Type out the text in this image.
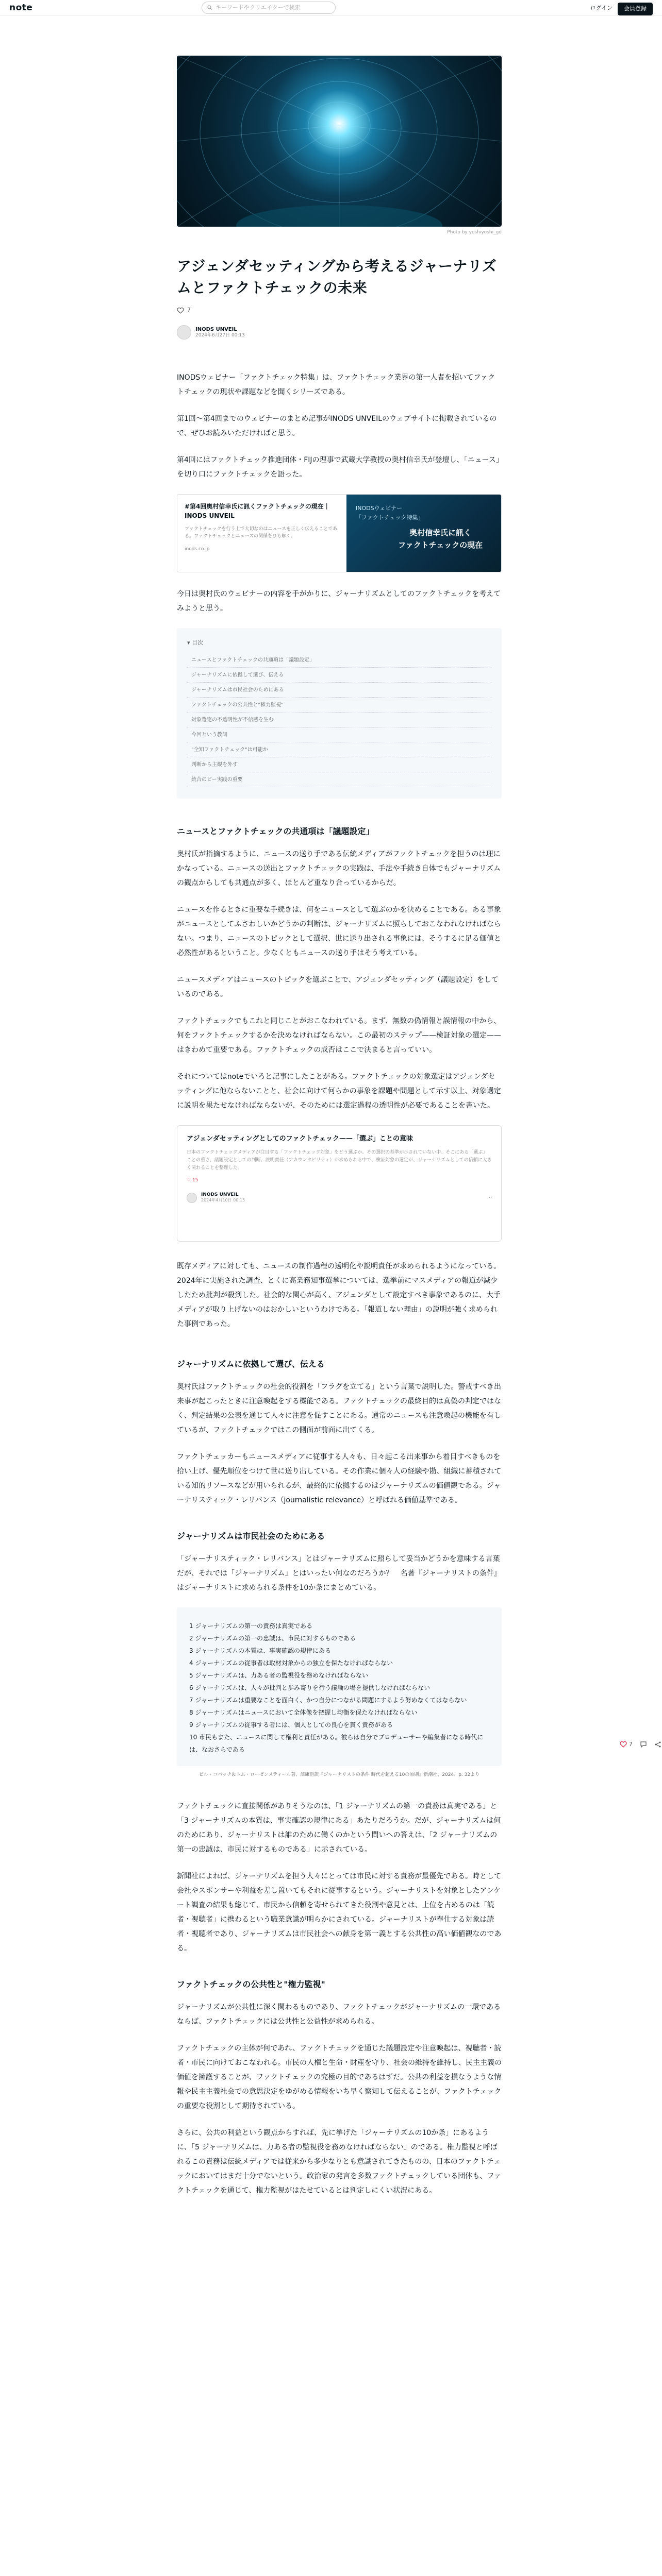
note	キーワードやクリエイターで検索	ログイン	会員登録
Photo by yoshiyoshi_gd
アジェンダセッティングから考えるジャーナリズムとファクトチェックの未来
7
INODS UNVEIL
2024年6月27日 00:13

INODSウェビナー「ファクトチェック特集」は、ファクトチェック業界の第一人者を招いてファクトチェックの現状や課題などを聞くシリーズである。

第1回〜第4回までのウェビナーのまとめ記事がINODS UNVEILのウェブサイトに掲載されているので、ぜひお読みいただければと思う。

第4回にはファクトチェック推進団体・FIJの理事で武蔵大学教授の奥村信幸氏が登壇し、「ニュース」を切り口にファクトチェックを語った。

#第4回奥村信幸氏に訊くファクトチェックの現在｜INODS UNVEIL
ファクトチェックを行う上で大切なのはニュースを正しく伝えることである。ファクトチェックとニュースの関係をひも解く。
inods.co.jp
INODSウェビナー
「ファクトチェック特集」
奥村信幸氏に訊く
ファクトチェックの現在

今日は奥村氏のウェビナーの内容を手がかりに、ジャーナリズムとしてのファクトチェックを考えてみようと思う。

▾ 目次
ニュースとファクトチェックの共通項は「議題設定」
ジャーナリズムに依拠して選び、伝える
ジャーナリズムは市民社会のためにある
ファクトチェックの公共性と"権力監視"
対象選定の不透明性が不信感を生む
今回という教訓
"全知ファクトチェック"は可能か
判断から主観を外す
統合のビー実践の重要
ニュースとファクトチェックの共通項は「議題設定」

奥村氏が指摘するように、ニュースの送り手である伝統メディアがファクトチェックを担うのは理にかなっている。ニュースの送出とファクトチェックの実践は、手法や手続き自体でもジャーナリズムの観点からしても共通点が多く、ほとんど重なり合っているからだ。

ニュースを作るときに重要な手続きは、何をニュースとして選ぶのかを決めることである。ある事象がニュースとしてふさわしいかどうかの判断は、ジャーナリズムに照らしておこなわれなければならない。つまり、ニュースのトピックとして選択、世に送り出される事象には、そうするに足る価値と必然性があるということ。少なくともニュースの送り手はそう考えている。

ニュースメディアはニュースのトピックを選ぶことで、アジェンダセッティング（議題設定）をしているのである。

ファクトチェックでもこれと同じことがおこなわれている。まず、無数の偽情報と誤情報の中から、何をファクトチェックするかを決めなければならない。この最初のステップ——検証対象の選定——はきわめて重要である。ファクトチェックの成否はここで決まると言っていい。

それについてはnoteでいろと記事にしたことがある。ファクトチェックの対象選定はアジェンダセッティングに他ならないことと、社会に向けて何らかの事象を課題や問題として示す以上、対象選定に説明を果たせなければならないが、そのためには選定過程の透明性が必要であることを書いた。

アジェンダセッティングとしてのファクトチェック——「選ぶ」ことの意味
日本のファクトチェックメディアが注目する「ファクトチェック対象」をどう選ぶか。その選択の基準が示されていない中、そこにある「選ぶ」ことの重さ、議題設定としての判断、説明責任（アカウンタビリティ）が求められる中で、検証対象の選定が、ジャーナリズムとしての信頼に大きく関わることを整理した。
♡ 15
INODS UNVEIL
2024年4月10日 00:15
…

既存メディアに対しても、ニュースの制作過程の透明化や説明責任が求められるようになっている。2024年に実施された調査、とくに高業務知事選挙については、選挙前にマスメディアの報道が減少したため批判が殺到した。社会的な関心が高く、アジェンダとして設定すべき事象であるのに、大手メディアが取り上げないのはおかしいというわけである。「報道しない理由」の説明が強く求められた事例であった。

ジャーナリズムに依拠して選び、伝える

奥村氏はファクトチェックの社会的役割を「フラグを立てる」という言葉で説明した。警戒すべき出来事が起こったときに注意喚起をする機能である。ファクトチェックの最終目的は真偽の判定ではなく、判定結果の公表を通じて人々に注意を促すことにある。通常のニュースも注意喚起の機能を有しているが、ファクトチェックではこの側面が前面に出てくる。

ファクトチェッカーもニュースメディアに従事する人々も、日々起こる出来事から着目すべきものを拾い上げ、優先順位をつけて世に送り出している。その作業に個々人の経験や勘、組織に蓄積されている知的リソースなどが用いられるが、最終的に依拠するのはジャーナリズムの価値観である。ジャーナリスティック・レリバンス（journalistic relevance）と呼ばれる価値基準である。

ジャーナリズムは市民社会のためにある

「ジャーナリスティック・レリバンス」とはジャーナリズムに照らして妥当かどうかを意味する言葉だが、それでは「ジャーナリズム」とはいったい何なのだろうか？　名著『ジャーナリストの条件』はジャーナリストに求められる条件を10か条にまとめている。

1 ジャーナリズムの第一の責務は真実である
2 ジャーナリズムの第一の忠誠は、市民に対するものである
3 ジャーナリズムの本質は、事実確認の規律にある
4 ジャーナリズムの従事者は取材対象からの独立を保たなければならない
5 ジャーナリズムは、力ある者の監視役を務めなければならない
6 ジャーナリズムは、人々が批判と歩み寄りを行う議論の場を提供しなければならない
7 ジャーナリズムは重要なことを面白く、かつ自分につながる問題にするよう努めなくてはならない
8 ジャーナリズムはニュースにおいて全体像を把握し均衡を保たなければならない
9 ジャーナリズムの従事する者には、個人としての良心を貫く責務がある
10 市民もまた、ニュースに関して権利と責任がある。彼らは自分でプロデューサーや編集者になる時代には、なおさらである
ビル・コバッチ＆トム・ローゼンスティール著、澤康臣訳『ジャーナリストの条件 時代を超える10の原則』新潮社、2024、p. 32より

ファクトチェックに直接関係がありそうなのは、「1 ジャーナリズムの第一の責務は真実である」と「3 ジャーナリズムの本質は、事実確認の規律にある」あたりだろうか。だが、ジャーナリズムは何のためにあり、ジャーナリストは誰のために働くのかという問いへの答えは、「2 ジャーナリズムの第一の忠誠は、市民に対するものである」に示されている。

新聞社によれば、ジャーナリズムを担う人々にとっては市民に対する責務が最優先である。時として会社やスポンサーや利益を差し置いてもそれに従事するという。ジャーナリストを対象としたアンケート調査の結果も総じて、市民から信頼を寄せられてきた役割や意見とは、上位を占めるのは「読者・視聴者」に携わるという職業意識が明らかにされている。ジャーナリストが奉仕する対象は読者・視聴者であり、ジャーナリズムは市民社会への献身を第一義とする公共性の高い価値観なのである。

ファクトチェックの公共性と"権力監視"

ジャーナリズムが公共性に深く関わるものであり、ファクトチェックがジャーナリズムの一環であるならば、ファクトチェックには公共性と公益性が求められる。

ファクトチェックの主体が何であれ、ファクトチェックを通じた議題設定や注意喚起は、視聴者・読者・市民に向けておこなわれる。市民の人権と生命・財産を守り、社会の維持を維持し、民主主義の価値を擁護することが、ファクトチェックの究極の目的であるはずだ。公共の利益を損なうような情報や民主主義社会での意思決定をゆがめる情報をいち早く察知して伝えることが、ファクトチェックの重要な役割として期待されている。

さらに、公共の利益という観点からすれば、先に挙げた「ジャーナリズムの10か条」にあるように、「5 ジャーナリズムは、力ある者の監視役を務めなければならない」のである。権力監視と呼ばれるこの責務は伝統メディアでは従来から多少なりとも意識されてきたものの、日本のファクトチェックにおいてはまだ十分でないという。政治家の発言を多数ファクトチェックしている団体も、ファクトチェックを通じて、権力監視がはたせているとは判定しにくい状況にある。

7
